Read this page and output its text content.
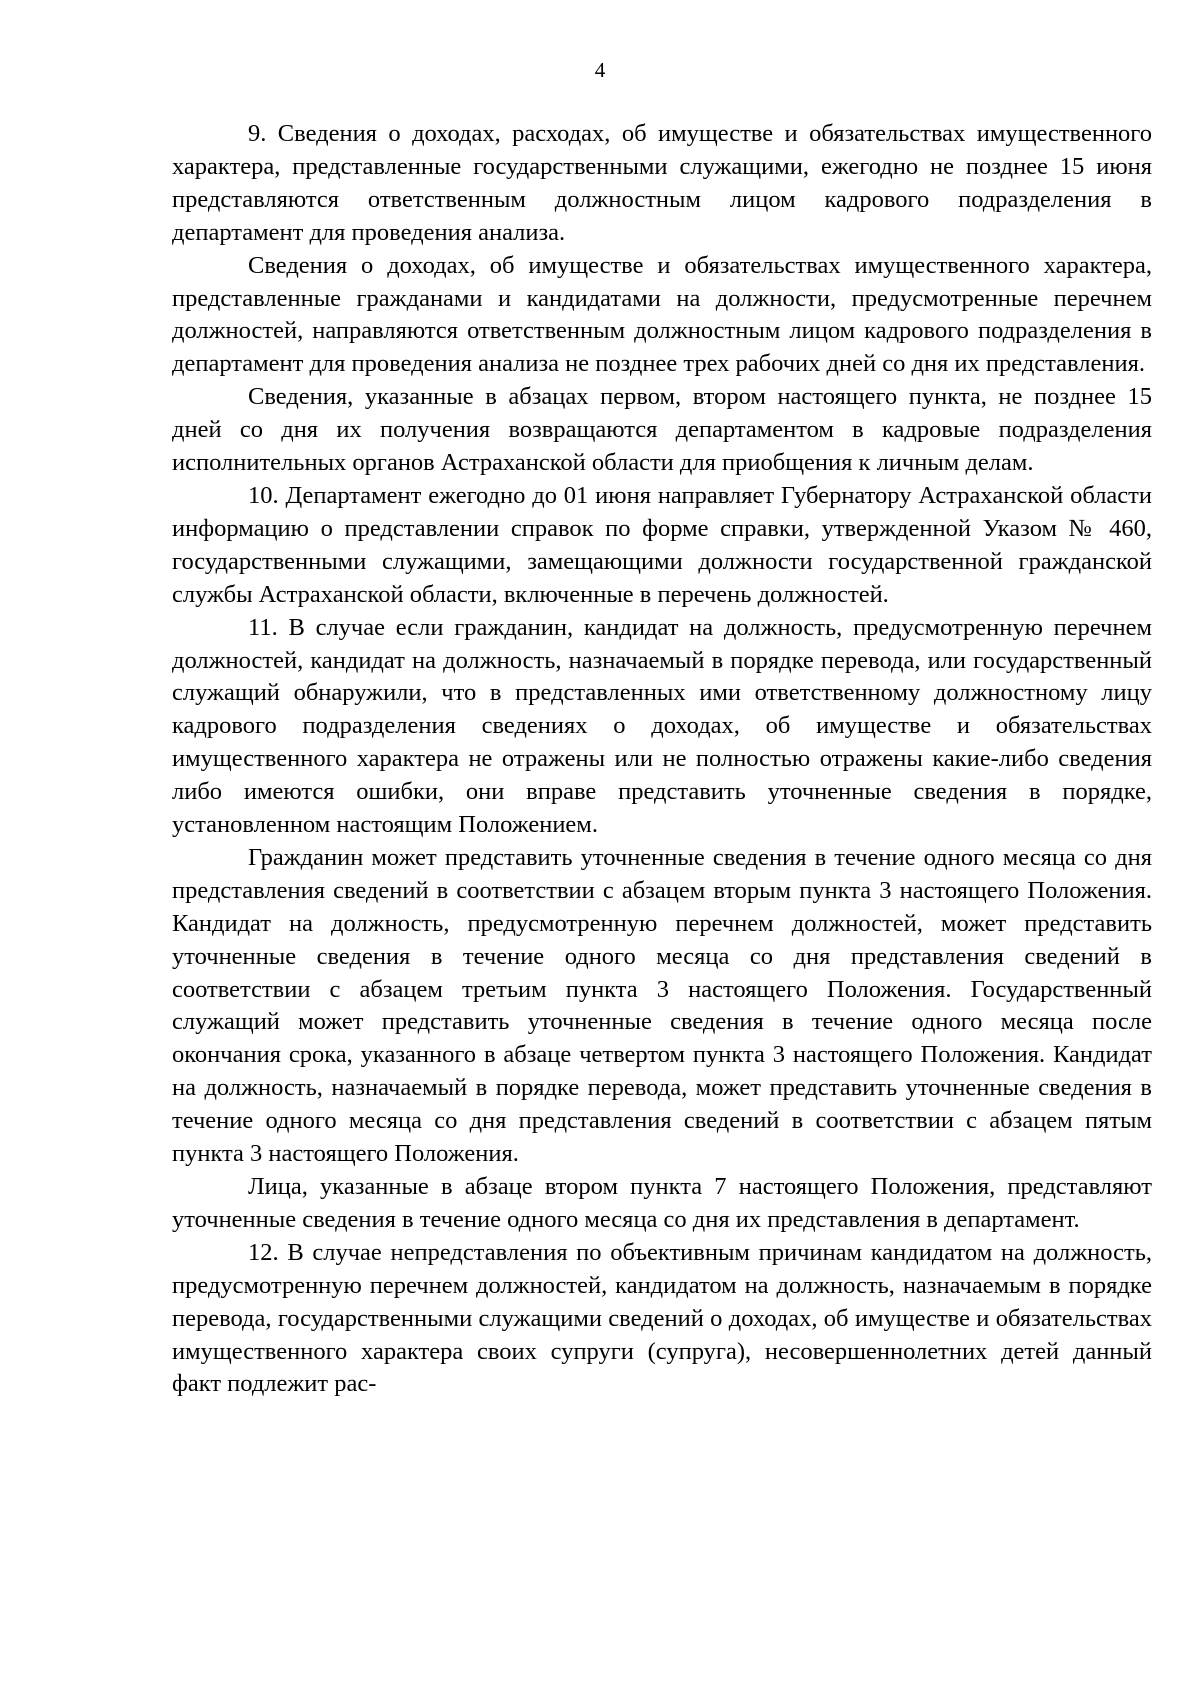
4

9. Сведения о доходах, расходах, об имуществе и обязательствах имущественного характера, представленные государственными служащими, ежегодно не позднее 15 июня представляются ответственным должностным лицом кадрового подразделения в департамент для проведения анализа.

Сведения о доходах, об имуществе и обязательствах имущественного характера, представленные гражданами и кандидатами на должности, предусмотренные перечнем должностей, направляются ответственным должностным лицом кадрового подразделения в департамент для проведения анализа не позднее трех рабочих дней со дня их представления.

Сведения, указанные в абзацах первом, втором настоящего пункта, не позднее 15 дней со дня их получения возвращаются департаментом в кадровые подразделения исполнительных органов Астраханской области для приобщения к личным делам.

10. Департамент ежегодно до 01 июня направляет Губернатору Астраханской области информацию о представлении справок по форме справки, утвержденной Указом № 460, государственными служащими, замещающими должности государственной гражданской службы Астраханской области, включенные в перечень должностей.

11. В случае если гражданин, кандидат на должность, предусмотренную перечнем должностей, кандидат на должность, назначаемый в порядке перевода, или государственный служащий обнаружили, что в представленных ими ответственному должностному лицу кадрового подразделения сведениях о доходах, об имуществе и обязательствах имущественного характера не отражены или не полностью отражены какие-либо сведения либо имеются ошибки, они вправе представить уточненные сведения в порядке, установленном настоящим Положением.

Гражданин может представить уточненные сведения в течение одного месяца со дня представления сведений в соответствии с абзацем вторым пункта 3 настоящего Положения. Кандидат на должность, предусмотренную перечнем должностей, может представить уточненные сведения в течение одного месяца со дня представления сведений в соответствии с абзацем третьим пункта 3 настоящего Положения. Государственный служащий может представить уточненные сведения в течение одного месяца после окончания срока, указанного в абзаце четвертом пункта 3 настоящего Положения. Кандидат на должность, назначаемый в порядке перевода, может представить уточненные сведения в течение одного месяца со дня представления сведений в соответствии с абзацем пятым пункта 3 настоящего Положения.

Лица, указанные в абзаце втором пункта 7 настоящего Положения, представляют уточненные сведения в течение одного месяца со дня их представления в департамент.

12. В случае непредставления по объективным причинам кандидатом на должность, предусмотренную перечнем должностей, кандидатом на должность, назначаемым в порядке перевода, государственными служащими сведений о доходах, об имуществе и обязательствах имущественного характера своих супруги (супруга), несовершеннолетних детей данный факт подлежит рас-
